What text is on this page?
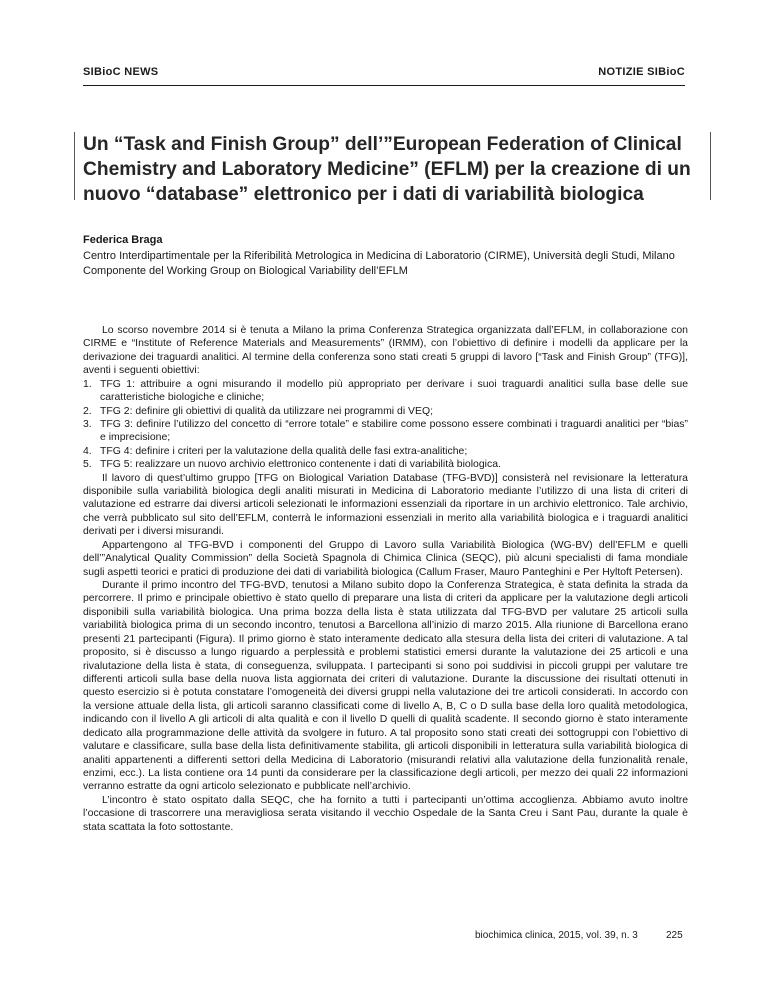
SIBioC NEWS	NOTIZIE SIBioC
Un “Task and Finish Group” dell’”European Federation of Clinical Chemistry and Laboratory Medicine” (EFLM) per la creazione di un nuovo “database” elettronico per i dati di variabilità biologica
Federica Braga
Centro Interdipartimentale per la Riferibilità Metrologica in Medicina di Laboratorio (CIRME), Università degli Studi, Milano
Componente del Working Group on Biological Variability dell’EFLM

Lo scorso novembre 2014 si è tenuta a Milano la prima Conferenza Strategica organizzata dall’EFLM, in collaborazione con CIRME e “Institute of Reference Materials and Measurements” (IRMM), con l’obiettivo di definire i modelli da applicare per la derivazione dei traguardi analitici. Al termine della conferenza sono stati creati 5 gruppi di lavoro [“Task and Finish Group” (TFG)], aventi i seguenti obiettivi:

1. TFG 1: attribuire a ogni misurando il modello più appropriato per derivare i suoi traguardi analitici sulla base delle sue caratteristiche biologiche e cliniche;
2. TFG 2: definire gli obiettivi di qualità da utilizzare nei programmi di VEQ;
3. TFG 3: definire l’utilizzo del concetto di “errore totale” e stabilire come possono essere combinati i traguardi analitici per “bias” e imprecisione;
4. TFG 4: definire i criteri per la valutazione della qualità delle fasi extra-analitiche;
5. TFG 5: realizzare un nuovo archivio elettronico contenente i dati di variabilità biologica.

Il lavoro di quest’ultimo gruppo [TFG on Biological Variation Database (TFG-BVD)] consisterà nel revisionare la letteratura disponibile sulla variabilità biologica degli analiti misurati in Medicina di Laboratorio mediante l’utilizzo di una lista di criteri di valutazione ed estrarre dai diversi articoli selezionati le informazioni essenziali da riportare in un archivio elettronico. Tale archivio, che verrà pubblicato sul sito dell’EFLM, conterrà le informazioni essenziali in merito alla variabilità biologica e i traguardi analitici derivati per i diversi misurandi.

Appartengono al TFG-BVD i componenti del Gruppo di Lavoro sulla Variabilità Biologica (WG-BV) dell’EFLM e quelli dell’”Analytical Quality Commission” della Società Spagnola di Chimica Clinica (SEQC), più alcuni specialisti di fama mondiale sugli aspetti teorici e pratici di produzione dei dati di variabilità biologica (Callum Fraser, Mauro Panteghini e Per Hyltoft Petersen).

Durante il primo incontro del TFG-BVD, tenutosi a Milano subito dopo la Conferenza Strategica, è stata definita la strada da percorrere. Il primo e principale obiettivo è stato quello di preparare una lista di criteri da applicare per la valutazione degli articoli disponibili sulla variabilità biologica. Una prima bozza della lista è stata utilizzata dal TFG-BVD per valutare 25 articoli sulla variabilità biologica prima di un secondo incontro, tenutosi a Barcellona all’inizio di marzo 2015. Alla riunione di Barcellona erano presenti 21 partecipanti (Figura). Il primo giorno è stato interamente dedicato alla stesura della lista dei criteri di valutazione. A tal proposito, si è discusso a lungo riguardo a perplessità e problemi statistici emersi durante la valutazione dei 25 articoli e una rivalutazione della lista è stata, di conseguenza, sviluppata. I partecipanti si sono poi suddivisi in piccoli gruppi per valutare tre differenti articoli sulla base della nuova lista aggiornata dei criteri di valutazione. Durante la discussione dei risultati ottenuti in questo esercizio si è potuta constatare l’omogeneità dei diversi gruppi nella valutazione dei tre articoli considerati. In accordo con la versione attuale della lista, gli articoli saranno classificati come di livello A, B, C o D sulla base della loro qualità metodologica, indicando con il livello A gli articoli di alta qualità e con il livello D quelli di qualità scadente. Il secondo giorno è stato interamente dedicato alla programmazione delle attività da svolgere in futuro. A tal proposito sono stati creati dei sottogruppi con l’obiettivo di valutare e classificare, sulla base della lista definitivamente stabilita, gli articoli disponibili in letteratura sulla variabilità biologica di analiti appartenenti a differenti settori della Medicina di Laboratorio (misurandi relativi alla valutazione della funzionalità renale, enzimi, ecc.). La lista contiene ora 14 punti da considerare per la classificazione degli articoli, per mezzo dei quali 22 informazioni verranno estratte da ogni articolo selezionato e pubblicate nell’archivio.

L’incontro è stato ospitato dalla SEQC, che ha fornito a tutti i partecipanti un’ottima accoglienza. Abbiamo avuto inoltre l’occasione di trascorrere una meravigliosa serata visitando il vecchio Ospedale de la Santa Creu i Sant Pau, durante la quale è stata scattata la foto sottostante.

biochimica clinica, 2015, vol. 39, n. 3	225
